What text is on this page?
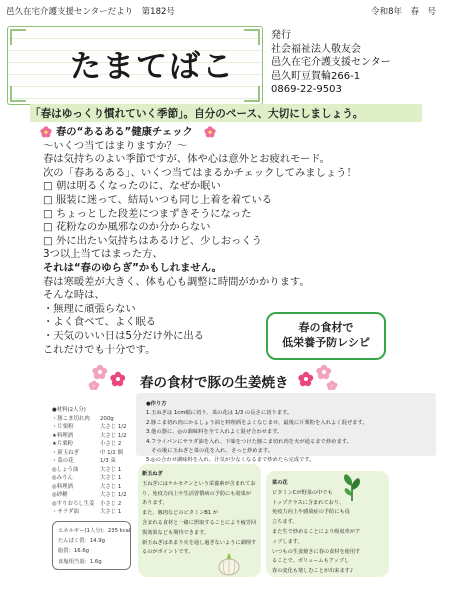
邑久在宅介護支援センターだより　第182号	令和8年　春　号
たまてばこ
発行
社会福祉法人敬友会
邑久在宅介護支援センター
邑久町豆賀輪266-1
0869-22-9503
「春はゆっくり慣れていく季節」。自分のペース、大切にしましょう。
春の“あるある”健康チェック
～いくつ当てはまりますか？～
春は気持ちのよい季節ですが、体や心は意外とお疲れモード。
次の「春あるある」、いくつ当てはまるかチェックしてみましょう！
□ 朝は明るくなったのに、なぜか眠い
□ 服装に迷って、結局いつも同じ上着を着ている
□ ちょっとした段差につまずきそうになった
□ 花粉なのか風邪なのか分からない
□ 外に出たい気持ちはあるけど、少しおっくう
3つ以上当てはまった方、
それは“春のゆらぎ”かもしれません。
春は寒暖差が大きく、体も心も調整に時間がかかります。
そんな時は、
・無理に頑張らない
・よく食べて、よく眠る
・天気のいい日は5分だけ外に出る
これだけでも十分です。
春の食材で
低栄養予防レシピ
春の食材で豚の生姜焼き
●材料(2人分)
・豚こま切れ肉 200g
・片栗粉	大さじ 1/2
★料理酒	大さじ 1/2
★片栗粉	小さじ 2
・新玉ねぎ	中 1/2 個
・菜の花	1/3 束
◎しょう油	大さじ 1
◎みりん	大さじ 1
◎料理酒	大さじ 1
◎砂糖	大さじ 1/2
◎すりおろし生姜 小さじ 2
・サラダ油	大さじ 1
●作り方
1.玉ねぎは 1cm幅に切り、菜の花は 1/3 の長さに切ります。
2.豚こま切れ肉にかるしょう油と料理酒をよくなじませ、最後に片栗粉を入れよく混ぜます。
3.他の器に、◎の調味料を全て入れよく混ぜ合わせます。
4.フライパンにサラダ油を入れ、下味をつけた豚こま切れ肉を火が通るまで炒めます。
　その後に玉ねぎと菜の花を入れ、さっと炒めます。
5.◎の合わせ調味料を入れ、汁気が少なくなるまで炒めたら完成です。
エネルギー(1人分)：235 kcal
たんぱく質：14.9g
脂質：16.6g
食塩相当量：1.6g
新玉ねぎ
玉ねぎにはケルセチンという栄養素が含まれてお
り、免疫力向上や生活習慣病の予防にも効果が
あります。
また、豚肉などのビタミンB1 が
含まれる食材と一緒に摂取することにより疲労回
復効果なども期待できます。
新玉ねぎはあまり火を通し過ぎないように調理す
るのがポイントです。
菜の花
ビタミンCが野菜の中でも
トップクラスに含まれており、
免疫力向上や感染症の予防にも役
立ちます。
また生で炒めることにより吸収率がア
ップします。
いつもの生姜焼きに春の食材を使用す
ることで、ボリュームもアップし
春の変化も楽しむことが出来ます♪
